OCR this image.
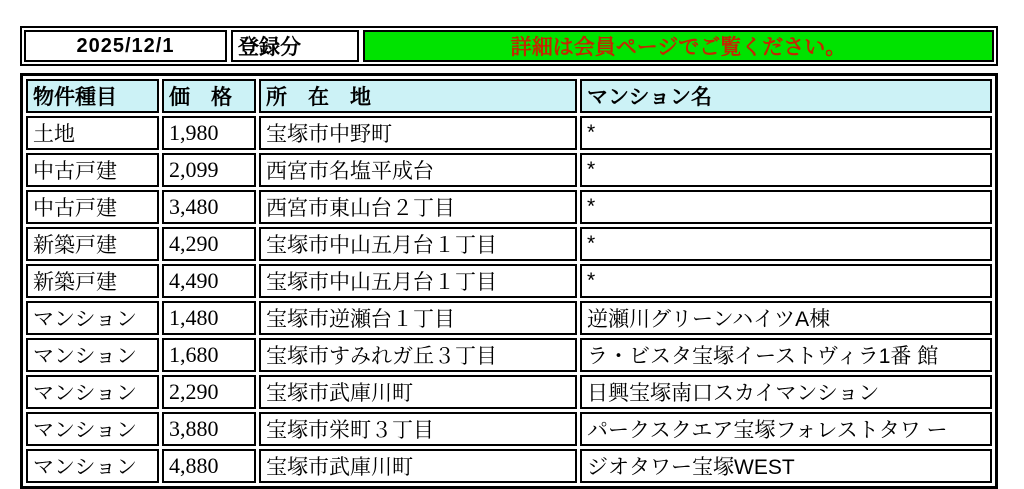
2025/12/1	登録分	詳細は会員ページでご覧ください。
物件種目	価　格	所　在　地	マンション名
土地	1,980	宝塚市中野町	*
中古戸建	2,099	西宮市名塩平成台	*
中古戸建	3,480	西宮市東山台２丁目	*
新築戸建	4,290	宝塚市中山五月台１丁目	*
新築戸建	4,490	宝塚市中山五月台１丁目	*
マンション	1,480	宝塚市逆瀬台１丁目	逆瀬川グリーンハイツA棟
マンション	1,680	宝塚市すみれガ丘３丁目	ラ・ビスタ宝塚イーストヴィラ1番 館
マンション	2,290	宝塚市武庫川町	日興宝塚南口スカイマンション
マンション	3,880	宝塚市栄町３丁目	パークスクエア宝塚フォレストタワ ー
マンション	4,880	宝塚市武庫川町	ジオタワー宝塚WEST
